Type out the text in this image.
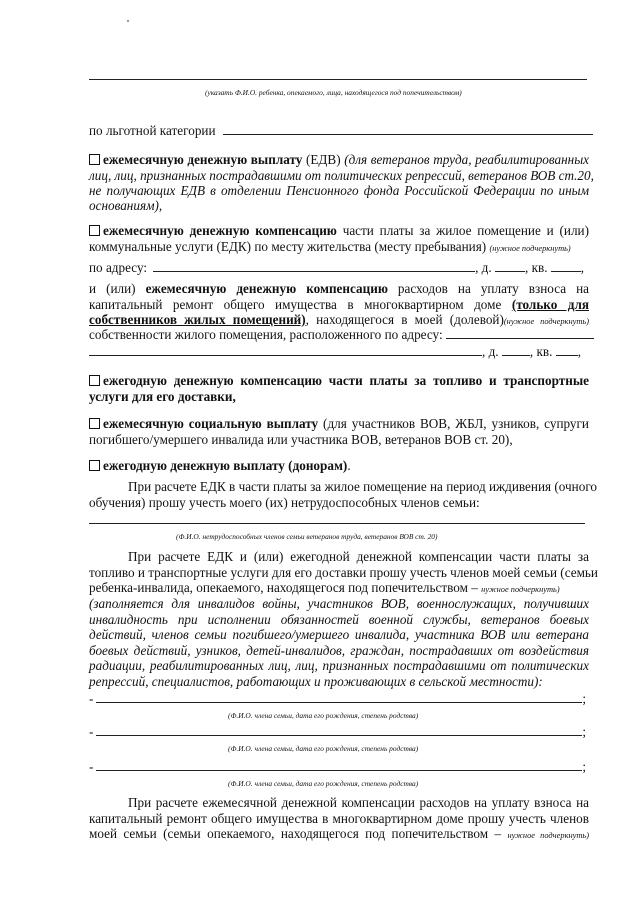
(указать Ф.И.О. ребенка, опекаемого, лица, находящегося под попечительством)
по льготной категории
ежемесячную денежную выплату (ЕДВ) (для ветеранов труда, реабилитированных
лиц, лиц, признанных пострадавшими от политических репрессий, ветеранов ВОВ ст.20,
не получающих ЕДВ в отделении Пенсионного фонда Российской Федерации по иным
основаниям),
ежемесячную денежную компенсацию части платы за жилое помещение и (или)
коммунальные услуги (ЕДК) по месту жительства (месту пребывания) (нужное подчеркнуть)
по адресу:	, д.	, кв.	,
и (или) ежемесячную денежную компенсацию расходов на уплату взноса на
капитальный ремонт общего имущества в многоквартирном доме (только для
собственников жилых помещений), находящегося в моей (долевой)(нужное подчеркнуть)
собственности жилого помещения, расположенного по адресу:
, д. , кв. ,
ежегодную денежную компенсацию части платы за топливо и транспортные
услуги для его доставки,
ежемесячную социальную выплату (для участников ВОВ, ЖБЛ, узников, супруги
погибшего/умершего инвалида или участника ВОВ, ветеранов ВОВ ст. 20),
ежегодную денежную выплату (донорам).
При расчете ЕДК в части платы за жилое помещение на период иждивения (очного
обучения) прошу учесть моего (их) нетрудоспособных членов семьи:
(Ф.И.О. нетрудоспособных членов семьи ветеранов труда, ветеранов ВОВ ст. 20)
При расчете ЕДК и (или) ежегодной денежной компенсации части платы за
топливо и транспортные услуги для его доставки прошу учесть членов моей семьи (семьи
ребенка-инвалида, опекаемого, находящегося под попечительством – нужное подчеркнуть)
(заполняется для инвалидов войны, участников ВОВ, военнослужащих, получивших
инвалидность при исполнении обязанностей военной службы, ветеранов боевых
действий, членов семьи погибшего/умершего инвалида, участника ВОВ или ветерана
боевых действий, узников, детей-инвалидов, граждан, пострадавших от воздействия
радиации, реабилитированных лиц, лиц, признанных пострадавшими от политических
репрессий, специалистов, работающих и проживающих в сельской местности):
-	;
(Ф.И.О. члена семьи, дата его рождения, степень родства)
-	;
(Ф.И.О. члена семьи, дата его рождения, степень родства)
-	;
(Ф.И.О. члена семьи, дата его рождения, степень родства)
При расчете ежемесячной денежной компенсации расходов на уплату взноса на
капитальный ремонт общего имущества в многоквартирном доме прошу учесть членов
моей семьи (семьи опекаемого, находящегося под попечительством – нужное подчеркнуть)
